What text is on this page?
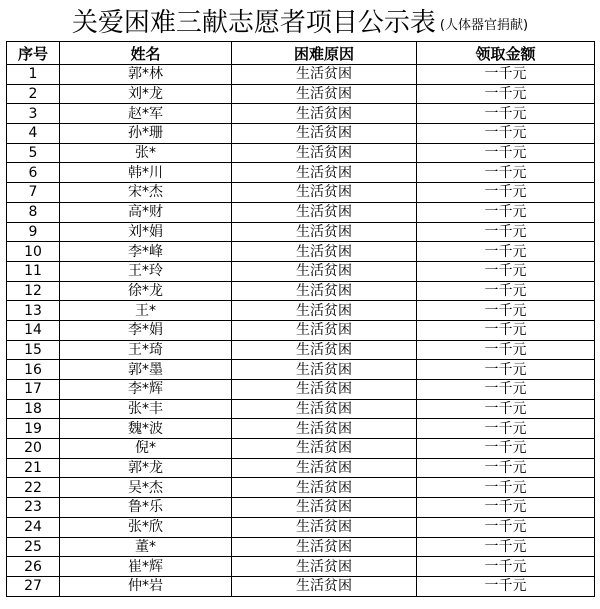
关爱困难三献志愿者项目公示表 (人体器官捐献)
序号	姓名	困难原因	领取金额
1	郭*林	生活贫困	一千元
2	刘*龙	生活贫困	一千元
3	赵*军	生活贫困	一千元
4	孙*珊	生活贫困	一千元
5	张*	生活贫困	一千元
6	韩*川	生活贫困	一千元
7	宋*杰	生活贫困	一千元
8	高*财	生活贫困	一千元
9	刘*娟	生活贫困	一千元
10	李*峰	生活贫困	一千元
11	王*玲	生活贫困	一千元
12	徐*龙	生活贫困	一千元
13	王*	生活贫困	一千元
14	李*娟	生活贫困	一千元
15	王*琦	生活贫困	一千元
16	郭*墨	生活贫困	一千元
17	李*辉	生活贫困	一千元
18	张*丰	生活贫困	一千元
19	魏*波	生活贫困	一千元
20	倪*	生活贫困	一千元
21	郭*龙	生活贫困	一千元
22	吴*杰	生活贫困	一千元
23	鲁*乐	生活贫困	一千元
24	张*欣	生活贫困	一千元
25	董*	生活贫困	一千元
26	崔*辉	生活贫困	一千元
27	仲*岩	生活贫困	一千元
